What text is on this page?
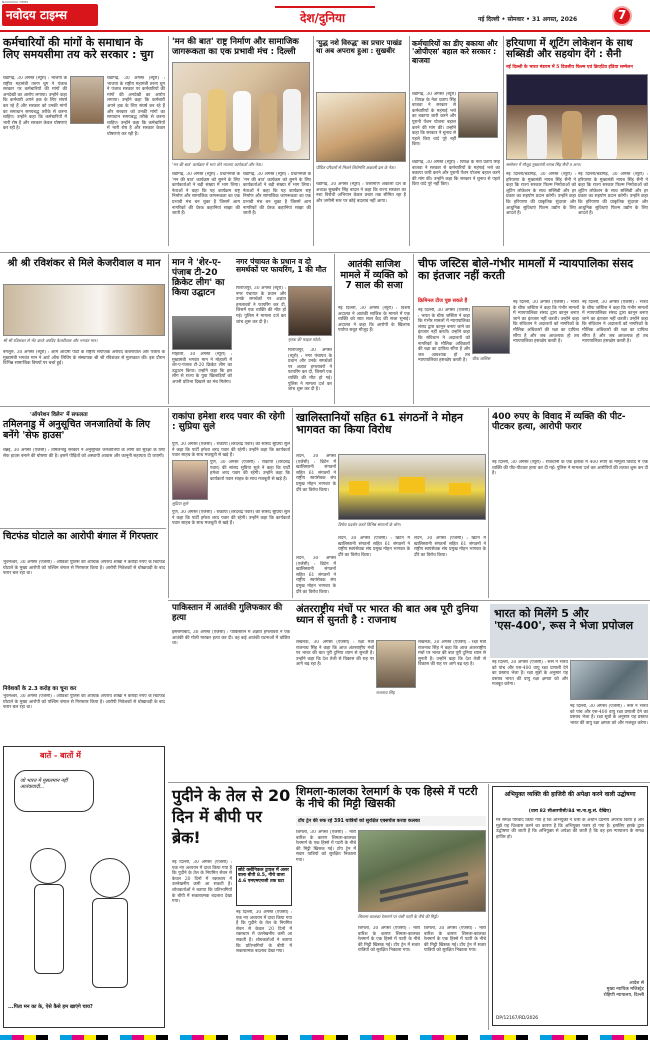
नवोदय टाइम्स
NAVODAYA TIMES
देश/दुनिया	नई दिल्ली • सोमवार • 31 अगस्त, 2026	7
कर्मचारियों की मांगों के समाधान के लिए समयसीमा तय करे सरकार : चुग

चंडीगढ़, 30 अगस्त (ब्यूरो) : भाजपा के राष्ट्रीय महामंत्री तरुण चुग ने पंजाब सरकार पर कर्मचारियों की मांगों की अनदेखी का आरोप लगाया। उन्होंने कहा कि कर्मचारी अपने हक के लिए संघर्ष कर रहे हैं और सरकार को उनकी मांगों का समाधान समयबद्ध तरीके से करना चाहिए। उन्होंने कहा कि कर्मचारियों में भारी रोष है और सरकार केवल घोषणाएं कर रही है।

चंडीगढ़, 30 अगस्त (ब्यूरो) : भाजपा के राष्ट्रीय महामंत्री तरुण चुग ने पंजाब सरकार पर कर्मचारियों की मांगों की अनदेखी का आरोप लगाया। उन्होंने कहा कि कर्मचारी अपने हक के लिए संघर्ष कर रहे हैं और सरकार को उनकी मांगों का समाधान समयबद्ध तरीके से करना चाहिए। उन्होंने कहा कि कर्मचारियों में भारी रोष है और सरकार केवल घोषणाएं कर रही है।

'मन की बात' राष्ट्र निर्माण और सामाजिक जागरूकता का एक प्रभावी मंच : दिल्ली
'मन की बात' कार्यक्रम में भाग लेते भाजपा कार्यकर्ता और नेता।

चंडीगढ़, 30 अगस्त (ब्यूरो) : प्रधानमंत्री के 'मन की बात' कार्यक्रम को सुनने के लिए कार्यकर्ताओं ने बड़ी संख्या में भाग लिया। नेताओं ने कहा कि यह कार्यक्रम राष्ट्र निर्माण और सामाजिक जागरूकता का एक प्रभावी मंच बन चुका है जिसमें आम नागरिकों की प्रेरक कहानियां साझा की जाती हैं।

चंडीगढ़, 30 अगस्त (ब्यूरो) : प्रधानमंत्री के 'मन की बात' कार्यक्रम को सुनने के लिए कार्यकर्ताओं ने बड़ी संख्या में भाग लिया। नेताओं ने कहा कि यह कार्यक्रम राष्ट्र निर्माण और सामाजिक जागरूकता का एक प्रभावी मंच बन चुका है जिसमें आम नागरिकों की प्रेरक कहानियां साझा की जाती हैं।

'युद्ध नशे विरुद्ध' का प्रचार पाखंड था अब अपराध हुआ : सुखबीर
पीडित परिवारों से मिलते शिरोमणि अकाली दल के नेता।

चंडीगढ़, 30 अगस्त (ब्यूरो) : शिरोमणि अकाली दल के अध्यक्ष सुखबीर सिंह बादल ने कहा कि राज्य सरकार का नशा विरोधी अभियान केवल प्रचार तक सीमित रहा है और जमीनी स्तर पर कोई बदलाव नहीं आया।

कर्मचारियों का डीए बकाया और 'ओपीएस' बहाल करे सरकार : बाजवा

चंडीगढ़, 30 अगस्त (ब्यूरो) : विपक्ष के नेता प्रताप सिंह बाजवा ने सरकार से कर्मचारियों के महंगाई भत्ते का बकाया जारी करने और पुरानी पेंशन योजना बहाल करने की मांग की। उन्होंने कहा कि सरकार ने चुनाव से पहले किए वादे पूरे नहीं किए।

चंडीगढ़, 30 अगस्त (ब्यूरो) : विपक्ष के नेता प्रताप सिंह बाजवा ने सरकार से कर्मचारियों के महंगाई भत्ते का बकाया जारी करने और पुरानी पेंशन योजना बहाल करने की मांग की। उन्होंने कहा कि सरकार ने चुनाव से पहले किए वादे पूरे नहीं किए।

हरियाणा में शूटिंग लोकेशन के साथ सब्सिडी और सहयोग देंगे : सैनी
नई दिल्ली के भारत मंडपम में 5 दिवसीय फिल्म एवं क्रिएटिव इंडिया सम्मेलन
सम्मेलन में मौजूद मुख्यमंत्री नायब सिंह सैनी व अन्य।

नई दिल्ली/चंडीगढ़, 30 अगस्त (ब्यूरो) : हरियाणा के मुख्यमंत्री नायब सिंह सैनी ने कहा कि राज्य सरकार फिल्म निर्माताओं को शूटिंग लोकेशन के साथ सब्सिडी और हर प्रकार का सहयोग प्रदान करेगी। उन्होंने कहा कि हरियाणा की प्राकृतिक सुंदरता और आधुनिक सुविधाएं फिल्म उद्योग के लिए आदर्श हैं।

नई दिल्ली/चंडीगढ़, 30 अगस्त (ब्यूरो) : हरियाणा के मुख्यमंत्री नायब सिंह सैनी ने कहा कि राज्य सरकार फिल्म निर्माताओं को शूटिंग लोकेशन के साथ सब्सिडी और हर प्रकार का सहयोग प्रदान करेगी। उन्होंने कहा कि हरियाणा की प्राकृतिक सुंदरता और आधुनिक सुविधाएं फिल्म उद्योग के लिए आदर्श हैं।

श्री श्री रविशंकर से मिले केजरीवाल व मान
श्री श्री रविशंकर से भेंट करते अरविंद केजरीवाल और भगवंत मान।

बेंगलुरु, 30 अगस्त (ब्यूरो) : आम आदमी पार्टी के राष्ट्रीय संयोजक अरविंद केजरीवाल और पंजाब के मुख्यमंत्री भगवंत मान ने आर्ट ऑफ लिविंग के संस्थापक श्री श्री रविशंकर से मुलाकात की। इस दौरान विभिन्न सामाजिक विषयों पर चर्चा हुई।

मान ने 'शेर-ए-पंजाब टी-20 क्रिकेट लीग' का किया उद्घाटन

मोहाली, 30 अगस्त (ब्यूरो) : मुख्यमंत्री भगवंत मान ने मोहाली में शेर-ए-पंजाब टी-20 क्रिकेट लीग का उद्घाटन किया। उन्होंने कहा कि इस लीग से राज्य के युवा खिलाड़ियों को अपनी प्रतिभा दिखाने का मंच मिलेगा।

नगर पंचायत के प्रधान व दो समर्थकों पर फायरिंग, 1 की मौत
मृतक की फाइल फोटो।

फिरोजपुर, 30 अगस्त (ब्यूरो) : नगर पंचायत के प्रधान और उनके समर्थकों पर अज्ञात हमलावरों ने फायरिंग कर दी, जिसमें एक व्यक्ति की मौत हो गई। पुलिस ने मामला दर्ज कर जांच शुरू कर दी है।

फिरोजपुर, 30 अगस्त (ब्यूरो) : नगर पंचायत के प्रधान और उनके समर्थकों पर अज्ञात हमलावरों ने फायरिंग कर दी, जिसमें एक व्यक्ति की मौत हो गई। पुलिस ने मामला दर्ज कर जांच शुरू कर दी है।

आतंकी साजिश मामले में व्यक्ति को 7 साल की सजा

नई दिल्ली, 30 अगस्त (ब्यूरो) : विशेष अदालत ने आतंकी साजिश के मामले में एक व्यक्ति को सात साल कैद की सजा सुनाई। अदालत ने कहा कि आरोपी के खिलाफ पर्याप्त सबूत मौजूद हैं।

चीफ जस्टिस बोले-गंभीर मामलों में न्यायपालिका संसद का इंतजार नहीं करती
क्रिमिनल टीज पूछ सकते हैं

नई दिल्ली, 30 अगस्त (एजेंसी) : भारत के चीफ जस्टिस ने कहा कि गंभीर मामलों में न्यायपालिका संसद द्वारा कानून बनाए जाने का इंतजार नहीं करती। उन्होंने कहा कि संविधान ने अदालतों को नागरिकों के मौलिक अधिकारों की रक्षा का दायित्व सौंपा है और जब आवश्यक हो तब न्यायपालिका हस्तक्षेप करती है।	चीफ जस्टिस

नई दिल्ली, 30 अगस्त (एजेंसी) : भारत के चीफ जस्टिस ने कहा कि गंभीर मामलों में न्यायपालिका संसद द्वारा कानून बनाए जाने का इंतजार नहीं करती। उन्होंने कहा कि संविधान ने अदालतों को नागरिकों के मौलिक अधिकारों की रक्षा का दायित्व सौंपा है और जब आवश्यक हो तब न्यायपालिका हस्तक्षेप करती है।

नई दिल्ली, 30 अगस्त (एजेंसी) : भारत के चीफ जस्टिस ने कहा कि गंभीर मामलों में न्यायपालिका संसद द्वारा कानून बनाए जाने का इंतजार नहीं करती। उन्होंने कहा कि संविधान ने अदालतों को नागरिकों के मौलिक अधिकारों की रक्षा का दायित्व सौंपा है और जब आवश्यक हो तब न्यायपालिका हस्तक्षेप करती है।

'ऑपरेशन विलेन' में सफलता
तमिलनाडु में अनुसूचित जनजातियों के लिए बनेंगे 'सेफ हाउस'

चेन्नई, 30 अगस्त (एजेंसी) : तमिलनाडु सरकार ने अनुसूचित जनजातियों के लोगों की सुरक्षा के लिए सेफ हाउस बनाने की घोषणा की है। इसमें पीड़ितों को अस्थायी आवास और कानूनी सहायता दी जाएगी।

चिटफंड घोटाले का आरोपी बंगाल में गिरफ्तार

भुवनेश्वर, 30 अगस्त (एजेंसी) : ओडिशा पुलिस की आर्थिक अपराध शाखा ने करोड़ों रुपए के चिटफंड घोटाले के मुख्य आरोपी को पश्चिम बंगाल से गिरफ्तार किया है। आरोपी निवेशकों से धोखाधड़ी के बाद फरार चल रहा था।

निवेशकों के 2.3 करोड़ का चूना कर

भुवनेश्वर, 30 अगस्त (एजेंसी) : ओडिशा पुलिस की आर्थिक अपराध शाखा ने करोड़ों रुपए के चिटफंड घोटाले के मुख्य आरोपी को पश्चिम बंगाल से गिरफ्तार किया है। आरोपी निवेशकों से धोखाधड़ी के बाद फरार चल रहा था।

राकांपा हमेशा शरद पवार की रहेगी : सुप्रिया सुले

पुणे, 30 अगस्त (एजेंसी) : राकांपा (शरदचंद्र पवार) की सांसद सुप्रिया सुले ने कहा कि पार्टी हमेशा शरद पवार की रहेगी। उन्होंने कहा कि कार्यकर्ता पवार साहब के साथ मजबूती से खड़े हैं।

सुप्रिया सुले

पुणे, 30 अगस्त (एजेंसी) : राकांपा (शरदचंद्र पवार) की सांसद सुप्रिया सुले ने कहा कि पार्टी हमेशा शरद पवार की रहेगी। उन्होंने कहा कि कार्यकर्ता पवार साहब के साथ मजबूती से खड़े हैं।

पुणे, 30 अगस्त (एजेंसी) : राकांपा (शरदचंद्र पवार) की सांसद सुप्रिया सुले ने कहा कि पार्टी हमेशा शरद पवार की रहेगी। उन्होंने कहा कि कार्यकर्ता पवार साहब के साथ मजबूती से खड़े हैं।

खालिस्तानियों सहित 61 संगठनों ने मोहन भागवत का किया विरोध

लंदन, 30 अगस्त (एजेंसी) : ब्रिटेन में खालिस्तानी संगठनों सहित 61 संगठनों ने राष्ट्रीय स्वयंसेवक संघ प्रमुख मोहन भागवत के दौरे का विरोध किया।

विरोध प्रदर्शन करते विभिन्न संगठनों के लोग।

लंदन, 30 अगस्त (एजेंसी) : ब्रिटेन में खालिस्तानी संगठनों सहित 61 संगठनों ने राष्ट्रीय स्वयंसेवक संघ प्रमुख मोहन भागवत के दौरे का विरोध किया।

लंदन, 30 अगस्त (एजेंसी) : ब्रिटेन में खालिस्तानी संगठनों सहित 61 संगठनों ने राष्ट्रीय स्वयंसेवक संघ प्रमुख मोहन भागवत के दौरे का विरोध किया।

लंदन, 30 अगस्त (एजेंसी) : ब्रिटेन में खालिस्तानी संगठनों सहित 61 संगठनों ने राष्ट्रीय स्वयंसेवक संघ प्रमुख मोहन भागवत के दौरे का विरोध किया।

400 रुपए के विवाद में व्यक्ति की पीट-पीटकर हत्या, आरोपी फरार

नई दिल्ली, 30 अगस्त (ब्यूरो) : राजधानी के एक इलाके में 400 रुपए के मामूली विवाद में एक व्यक्ति की पीट-पीटकर हत्या कर दी गई। पुलिस ने मामला दर्ज कर आरोपियों की तलाश शुरू कर दी है।

पाकिस्तान में आतंकी गुलिफकार की हत्या

इस्लामाबाद, 30 अगस्त (एजेंसी) : पाकिस्तान में अज्ञात हमलावरों ने एक आतंकी की गोली मारकर हत्या कर दी। वह कई आतंकी घटनाओं में वांछित था।

अंतरराष्ट्रीय मंचों पर भारत की बात अब पूरी दुनिया ध्यान से सुनती है : राजनाथ

लखनऊ, 30 अगस्त (एजेंसी) : रक्षा मंत्री राजनाथ सिंह ने कहा कि आज अंतरराष्ट्रीय मंचों पर भारत की बात पूरी दुनिया ध्यान से सुनती है। उन्होंने कहा कि देश तेजी से विकास की राह पर आगे बढ़ रहा है।

राजनाथ सिंह

लखनऊ, 30 अगस्त (एजेंसी) : रक्षा मंत्री राजनाथ सिंह ने कहा कि आज अंतरराष्ट्रीय मंचों पर भारत की बात पूरी दुनिया ध्यान से सुनती है। उन्होंने कहा कि देश तेजी से विकास की राह पर आगे बढ़ रहा है।

भारत को मिलेंगे 5 और 'एस-400', रूस ने भेजा प्रपोजल

नई दिल्ली, 30 अगस्त (एजेंसी) : रूस ने भारत को पांच और एस-400 वायु रक्षा प्रणाली देने का प्रस्ताव भेजा है। रक्षा सूत्रों के अनुसार यह प्रस्ताव भारत की वायु रक्षा क्षमता को और मजबूत करेगा।

नई दिल्ली, 30 अगस्त (एजेंसी) : रूस ने भारत को पांच और एस-400 वायु रक्षा प्रणाली देने का प्रस्ताव भेजा है। रक्षा सूत्रों के अनुसार यह प्रस्ताव भारत की वायु रक्षा क्षमता को और मजबूत करेगा।

बातें - बातों में
जो भारत में मुसलमान नहीं आतंकवादी...
...पिता मन का के, ऐसे कैसे हम खाएंगे चाय?
पुदीने के तेल से 20 दिन में बीपी पर ब्रेक!

नई दिल्ली, 30 अगस्त (एजेंसी) : एक नए अध्ययन में दावा किया गया है कि पुदीने के तेल के नियमित सेवन से केवल 20 दिनों में रक्तचाप में उल्लेखनीय कमी आ सकती है। शोधकर्ताओं ने बताया कि प्रतिभागियों के बीपी में सकारात्मक बदलाव देखा गया।

छोटे क्लीनिकल ट्रायल में असर वाला बीपी 8.5, नीचे वाला 4.6 एमएमएचजी तक घटा

नई दिल्ली, 30 अगस्त (एजेंसी) : एक नए अध्ययन में दावा किया गया है कि पुदीने के तेल के नियमित सेवन से केवल 20 दिनों में रक्तचाप में उल्लेखनीय कमी आ सकती है। शोधकर्ताओं ने बताया कि प्रतिभागियों के बीपी में सकारात्मक बदलाव देखा गया।

शिमला-कालका रेलमार्ग के एक हिस्से में पटरी के नीचे की मिट्टी खिसकी
टॉय ट्रेन की रुक रहे 391 यात्रियों को सुरक्षित एक्सचेंज करवा कलका

शिमला, 30 अगस्त (एजेंसी) : भारी बारिश के कारण शिमला-कालका रेलमार्ग के एक हिस्से में पटरी के नीचे की मिट्टी खिसक गई। टॉय ट्रेन में सवार यात्रियों को सुरक्षित निकाला गया।

शिमला-कालका रेलमार्ग पर धंसी पटरी के नीचे की मिट्टी।

शिमला, 30 अगस्त (एजेंसी) : भारी बारिश के कारण शिमला-कालका रेलमार्ग के एक हिस्से में पटरी के नीचे की मिट्टी खिसक गई। टॉय ट्रेन में सवार यात्रियों को सुरक्षित निकाला गया।

शिमला, 30 अगस्त (एजेंसी) : भारी बारिश के कारण शिमला-कालका रेलमार्ग के एक हिस्से में पटरी के नीचे की मिट्टी खिसक गई। टॉय ट्रेन में सवार यात्रियों को सुरक्षित निकाला गया।

अभियुक्त व्यक्ति की हाजिरी की अपेक्षा करने वाली उद्घोषणा
(धारा 82 सीआरपीसी/84 भा.ना.सु.सं. देखिए)

मेरे समक्ष परिवाद किया गया है कि अभियुक्त ने धारा के अधीन दंडनीय अपराध किया है और मुझे यह विश्वास करने का कारण है कि अभियुक्त फरार हो गया है। इसलिए इसके द्वारा उद्घोषणा की जाती है कि अभियुक्त से अपेक्षा की जाती है कि वह इस न्यायालय के समक्ष हाजिर हो।

आदेश से
मुख्य न्यायिक मजिस्ट्रेट
रोहिणी न्यायालय, दिल्ली
DP/12167/RD/2026
